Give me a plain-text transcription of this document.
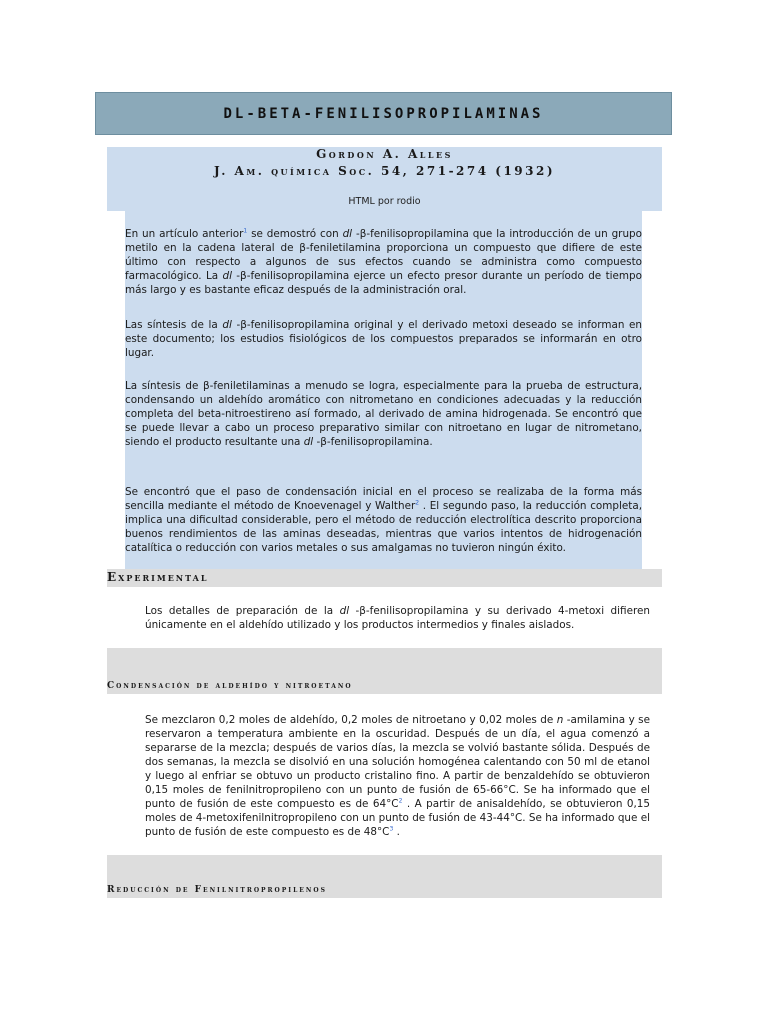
DL-BETA-FENILISOPROPILAMINAS
Gordon A. Alles
J. Am. química Soc. 54, 271-274 (1932)
HTML por rodio

En un artículo anterior$^1$ se demostró con dl -β-fenilisopropilamina que la introducción de un grupo metilo en la cadena lateral de β-feniletilamina proporciona un compuesto que difiere de este último con respecto a algunos de sus efectos cuando se administra como compuesto farmacológico. La dl -β-fenilisopropilamina ejerce un efecto presor durante un período de tiempo más largo y es bastante eficaz después de la administración oral.

Las síntesis de la dl -β-fenilisopropilamina original y el derivado metoxi deseado se informan en este documento; los estudios fisiológicos de los compuestos preparados se informarán en otro lugar.

La síntesis de β-feniletilaminas a menudo se logra, especialmente para la prueba de estructura, condensando un aldehído aromático con nitrometano en condiciones adecuadas y la reducción completa del beta-nitroestireno así formado, al derivado de amina hidrogenada. Se encontró que se puede llevar a cabo un proceso preparativo similar con nitroetano en lugar de nitrometano, siendo el producto resultante una dl -β-fenilisopropilamina.

Se encontró que el paso de condensación inicial en el proceso se realizaba de la forma más sencilla mediante el método de Knoevenagel y Walther$^2$ . El segundo paso, la reducción completa, implica una dificultad considerable, pero el método de reducción electrolítica descrito proporciona buenos rendimientos de las aminas deseadas, mientras que varios intentos de hidrogenación catalítica o reducción con varios metales o sus amalgamas no tuvieron ningún éxito.

Experimental

Los detalles de preparación de la dl -β-fenilisopropilamina y su derivado 4-metoxi difieren únicamente en el aldehído utilizado y los productos intermedios y finales aislados.

Condensación de aldehído y nitroetano

Se mezclaron 0,2 moles de aldehído, 0,2 moles de nitroetano y 0,02 moles de n -amilamina y se reservaron a temperatura ambiente en la oscuridad. Después de un día, el agua comenzó a separarse de la mezcla; después de varios días, la mezcla se volvió bastante sólida. Después de dos semanas, la mezcla se disolvió en una solución homogénea calentando con 50 ml de etanol y luego al enfriar se obtuvo un producto cristalino fino. A partir de benzaldehído se obtuvieron 0,15 moles de fenilnitropropileno con un punto de fusión de 65-66°C. Se ha informado que el punto de fusión de este compuesto es de 64°C$^2$ . A partir de anisaldehído, se obtuvieron 0,15 moles de 4-metoxifenilnitropropileno con un punto de fusión de 43-44°C. Se ha informado que el punto de fusión de este compuesto es de 48°C$^3$ .

Reducción de Fenilnitropropilenos
